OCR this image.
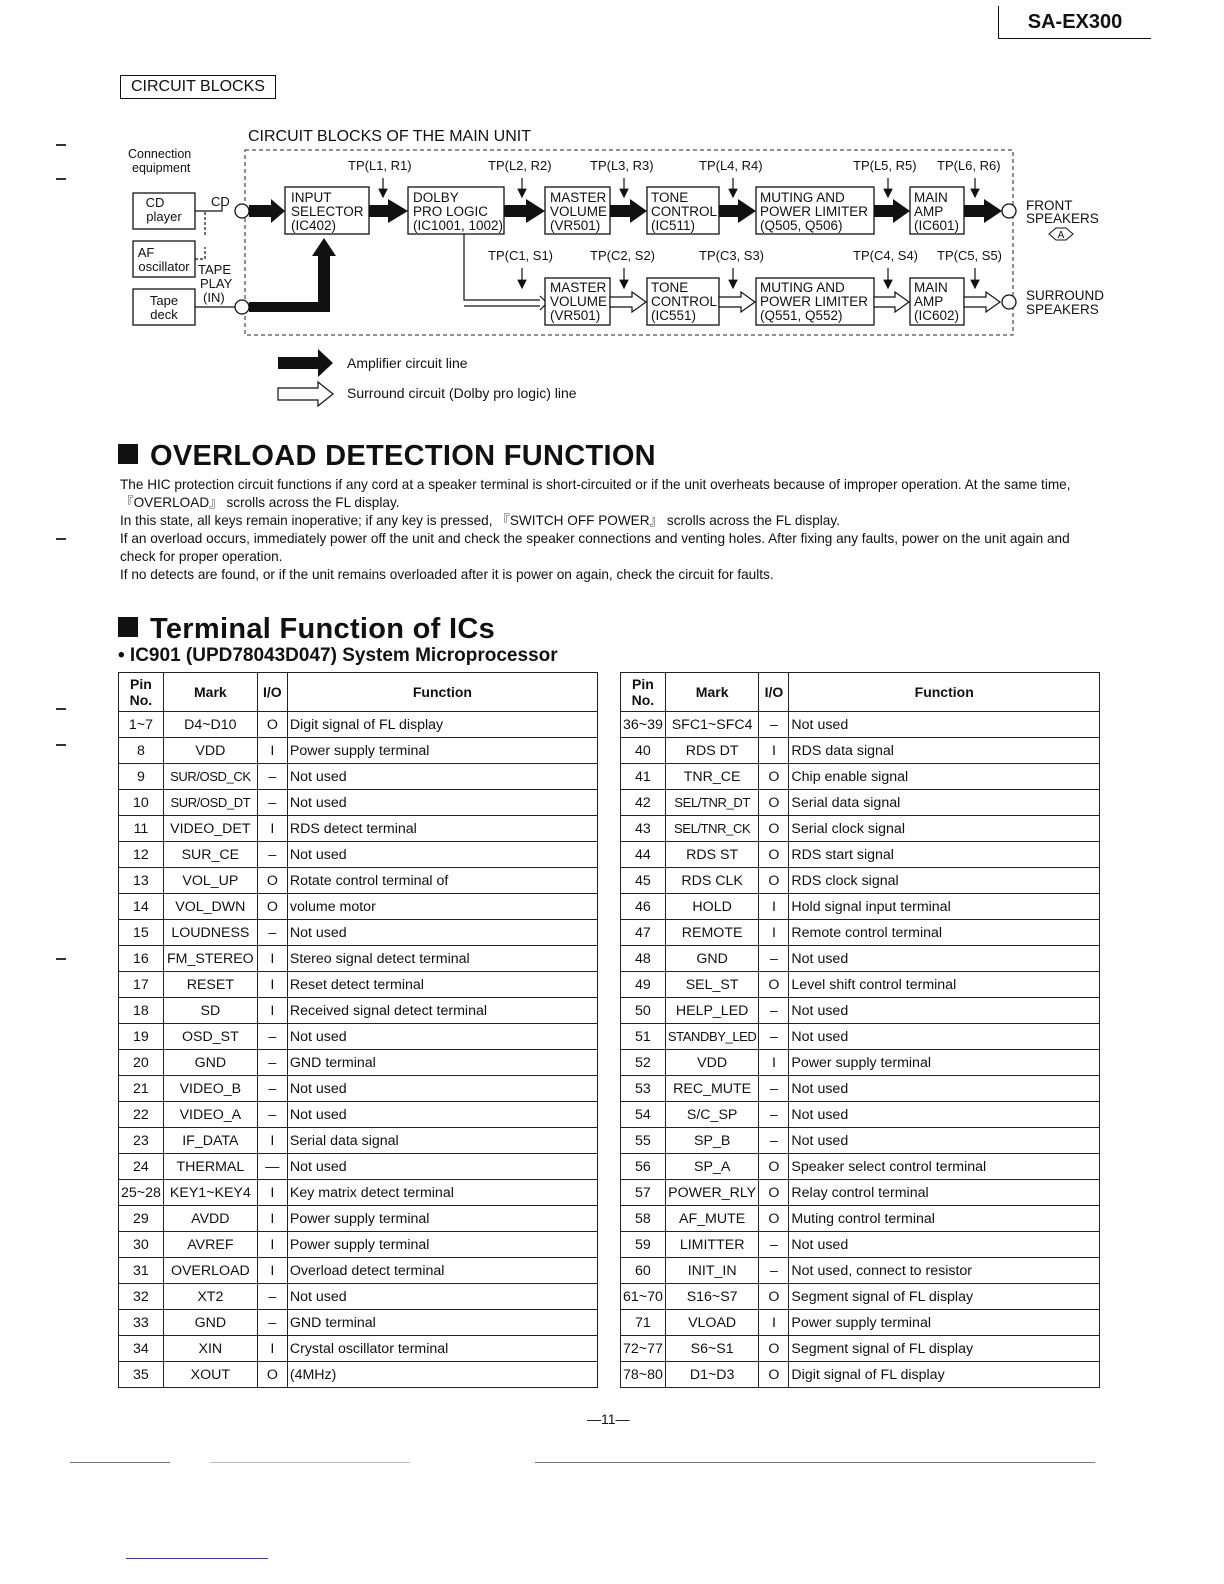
SA-EX300
CIRCUIT BLOCKS
CIRCUIT BLOCKS OF THE MAIN UNIT
Connection
equipment
CD
player
AF
oscillator
Tape
deck
CD
TAPE
PLAY
(IN)
INPUT
SELECTOR
(IC402)
DOLBY
PRO LOGIC
(IC1001, 1002)
MASTER
VOLUME
(VR501)
TONE
CONTROL
(IC511)
MUTING AND
POWER LIMITER
(Q505, Q506)
MAIN
AMP
(IC601)
TP(L1, R1)	TP(L2, R2)	TP(L3, R3)	TP(L4, R4)	TP(L5, R5) TP(L6, R6)
FRONT
SPEAKERS
SURROUND
SPEAKERS
A
MASTER
VOLUME
(VR501)
TONE
CONTROL
(IC551)
MUTING AND
POWER LIMITER
(Q551, Q552)
MAIN
AMP
(IC602)
TP(C1, S1)	TP(C2, S2)	TP(C3, S3)	TP(C4, S4) TP(C5, S5)
Amplifier circuit line
Surround circuit (Dolby pro logic) line
OVERLOAD DETECTION FUNCTION
The HIC protection circuit functions if any cord at a speaker terminal is short-circuited or if the unit overheats because of improper operation. At the same time, 『OVERLOAD』 scrolls across the FL display.
In this state, all keys remain inoperative; if any key is pressed, 『SWITCH OFF POWER』 scrolls across the FL display.
If an overload occurs, immediately power off the unit and check the speaker connections and venting holes. After fixing any faults, power on the unit again and check for proper operation.
If no detects are found, or if the unit remains overloaded after it is power on again, check the circuit for faults.
Terminal Function of ICs
• IC901 (UPD78043D047) System Microprocessor
Pin
No.	Mark	I/O	Function
1~7	D4~D10	O	Digit signal of FL display
8	VDD	I	Power supply terminal
9	SUR/OSD_CK	–	Not used
10	SUR/OSD_DT	–	Not used
11	VIDEO_DET	I	RDS detect terminal
12	SUR_CE	–	Not used
13	VOL_UP	O	Rotate control terminal of
14	VOL_DWN	O	volume motor
15	LOUDNESS	–	Not used
16	FM_STEREO	I	Stereo signal detect terminal
17	RESET	I	Reset detect terminal
18	SD	I	Received signal detect terminal
19	OSD_ST	–	Not used
20	GND	–	GND terminal
21	VIDEO_B	–	Not used
22	VIDEO_A	–	Not used
23	IF_DATA	I	Serial data signal
24	THERMAL	—	Not used
25~28	KEY1~KEY4	I	Key matrix detect terminal
29	AVDD	I	Power supply terminal
30	AVREF	I	Power supply terminal
31	OVERLOAD	I	Overload detect terminal
32	XT2	–	Not used
33	GND	–	GND terminal
34	XIN	I	Crystal oscillator terminal
35	XOUT	O	(4MHz)
Pin
No.	Mark	I/O	Function
36~39	SFC1~SFC4	–	Not used
40	RDS DT	I	RDS data signal
41	TNR_CE	O	Chip enable signal
42	SEL/TNR_DT	O	Serial data signal
43	SEL/TNR_CK	O	Serial clock signal
44	RDS ST	O	RDS start signal
45	RDS CLK	O	RDS clock signal
46	HOLD	I	Hold signal input terminal
47	REMOTE	I	Remote control terminal
48	GND	–	Not used
49	SEL_ST	O	Level shift control terminal
50	HELP_LED	–	Not used
51	STANDBY_LED	–	Not used
52	VDD	I	Power supply terminal
53	REC_MUTE	–	Not used
54	S/C_SP	–	Not used
55	SP_B	–	Not used
56	SP_A	O	Speaker select control terminal
57	POWER_RLY	O	Relay control terminal
58	AF_MUTE	O	Muting control terminal
59	LIMITTER	–	Not used
60	INIT_IN	–	Not used, connect to resistor
61~70	S16~S7	O	Segment signal of FL display
71	VLOAD	I	Power supply terminal
72~77	S6~S1	O	Segment signal of FL display
78~80	D1~D3	O	Digit signal of FL display
—11—
